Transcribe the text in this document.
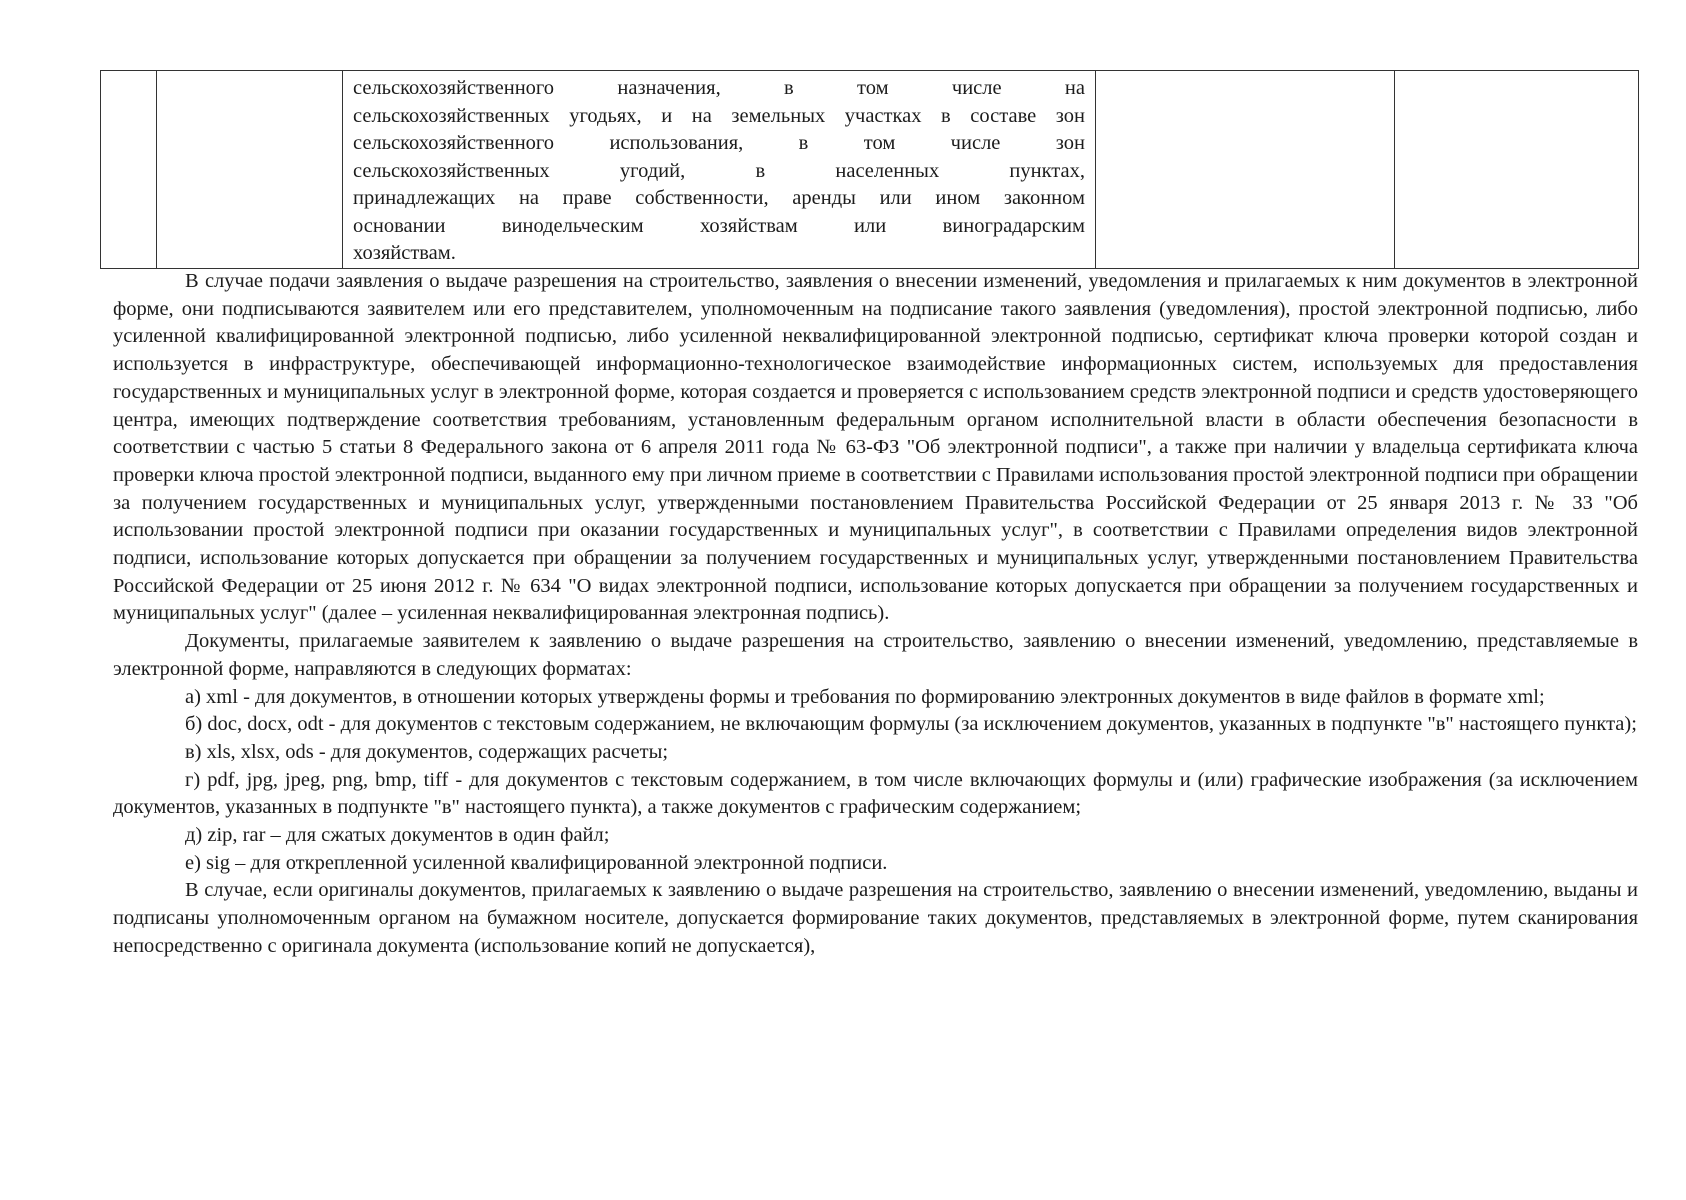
сельскохозяйственного назначения, в том числе на
сельскохозяйственных угодьях, и на земельных участках в составе зон
сельскохозяйственного использования, в том числе зон
сельскохозяйственных угодий, в населенных пунктах,
принадлежащих на праве собственности, аренды или ином законном
основании винодельческим хозяйствам или виноградарским
хозяйствам.

В случае подачи заявления о выдаче разрешения на строительство, заявления о внесении изменений, уведомления и прилагаемых к ним документов в электронной форме, они подписываются заявителем или его представителем, уполномоченным на подписание такого заявления (уведомления), простой электронной подписью, либо усиленной квалифицированной электронной подписью, либо усиленной неквалифицированной электронной подписью, сертификат ключа проверки которой создан и используется в инфраструктуре, обеспечивающей информационно-технологическое взаимодействие информационных систем, используемых для предоставления государственных и муниципальных услуг в электронной форме, которая создается и проверяется с использованием средств электронной подписи и средств удостоверяющего центра, имеющих подтверждение соответствия требованиям, установленным федеральным органом исполнительной власти в области обеспечения безопасности в соответствии с частью 5 статьи 8 Федерального закона от 6 апреля 2011 года № 63-ФЗ "Об электронной подписи", а также при наличии у владельца сертификата ключа проверки ключа простой электронной подписи, выданного ему при личном приеме в соответствии с Правилами использования простой электронной подписи при обращении за получением государственных и муниципальных услуг, утвержденными постановлением Правительства Российской Федерации от 25 января 2013 г. № 33 "Об использовании простой электронной подписи при оказании государственных и муниципальных услуг", в соответствии с Правилами определения видов электронной подписи, использование которых допускается при обращении за получением государственных и муниципальных услуг, утвержденными постановлением Правительства Российской Федерации от 25 июня 2012 г. № 634 "О видах электронной подписи, использование которых допускается при обращении за получением государственных и муниципальных услуг" (далее – усиленная неквалифицированная электронная подпись).

Документы, прилагаемые заявителем к заявлению о выдаче разрешения на строительство, заявлению о внесении изменений, уведомлению, представляемые в электронной форме, направляются в следующих форматах:

а) xml - для документов, в отношении которых утверждены формы и требования по формированию электронных документов в виде файлов в формате xml;

б) doc, docx, odt - для документов с текстовым содержанием, не включающим формулы (за исключением документов, указанных в подпункте "в" настоящего пункта);

в) xls, xlsx, ods - для документов, содержащих расчеты;

г) pdf, jpg, jpeg, png, bmp, tiff - для документов с текстовым содержанием, в том числе включающих формулы и (или) графические изображения (за исключением документов, указанных в подпункте "в" настоящего пункта), а также документов с графическим содержанием;

д) zip, rar – для сжатых документов в один файл;

е) sig – для открепленной усиленной квалифицированной электронной подписи.

В случае, если оригиналы документов, прилагаемых к заявлению о выдаче разрешения на строительство, заявлению о внесении изменений, уведомлению, выданы и подписаны уполномоченным органом на бумажном носителе, допускается формирование таких документов, представляемых в электронной форме, путем сканирования непосредственно с оригинала документа (использование копий не допускается),
